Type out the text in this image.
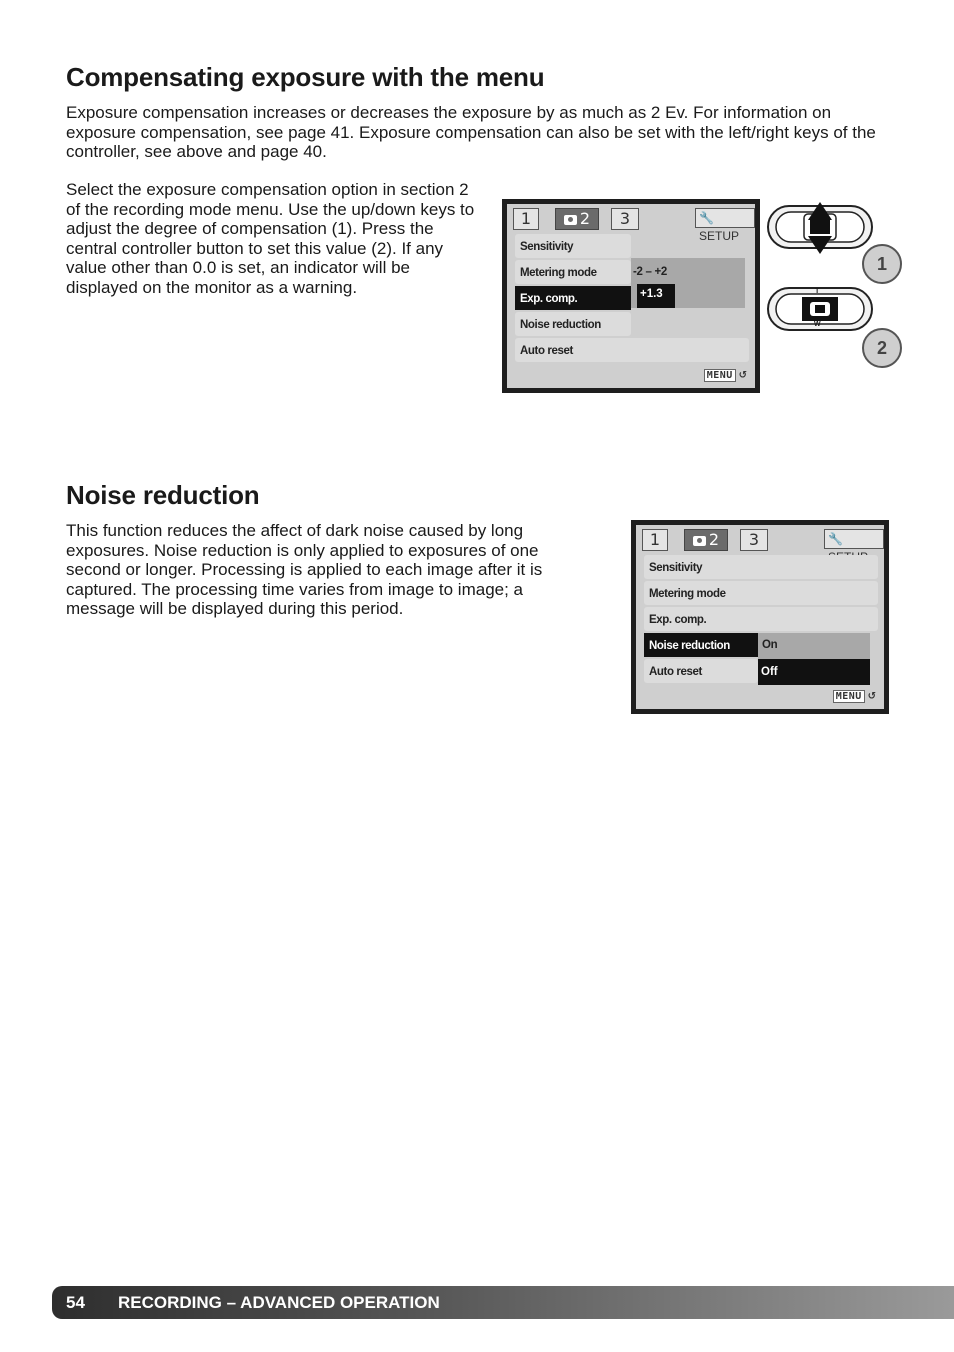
Compensating exposure with the menu

Exposure compensation increases or decreases the exposure by as much as 2 Ev. For information on exposure compensation, see page 41. Exposure compensation can also be set with the left/right keys of the controller, see above and page 40.

Select the exposure compensation option in section 2 of the recording mode menu. Use the up/down keys to adjust the degree of compensation (1). Press the central controller button to set this value (2). If any value other than 0.0 is set, an indicator will be displayed on the monitor as a warning.

1	2	3	🔧SETUP
Sensitivity
Metering mode
Exp. comp.
Noise reduction
Auto reset
-2 – +2
+1.3
MENU ↺
1
T
W
2
Noise reduction

This function reduces the affect of dark noise caused by long exposures. Noise reduction is only applied to exposures of one second or longer. Processing is applied to each image after it is captured. The processing time varies from image to image; a message will be displayed during this period.

1	2	3	🔧
Sensitivity
Metering mode
Exp. comp.
Noise reduction
Auto reset
On
Off
MENU ↺
54 RECORDING – ADVANCED OPERATION
